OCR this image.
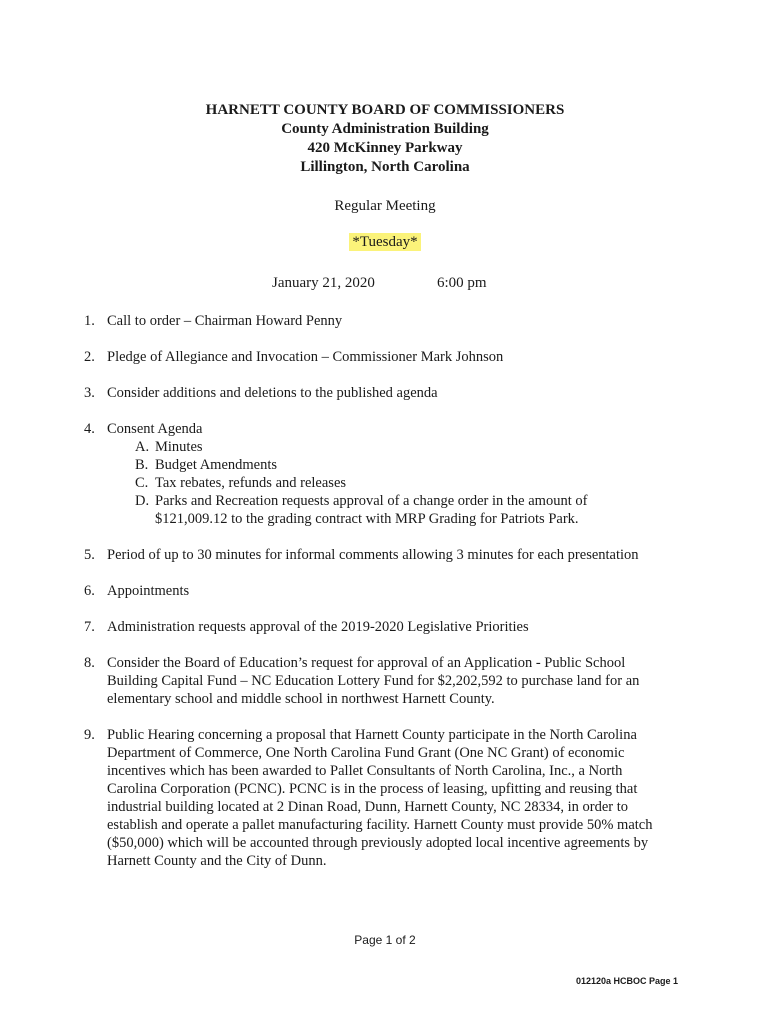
HARNETT COUNTY BOARD OF COMMISSIONERS
County Administration Building
420 McKinney Parkway
Lillington, North Carolina
Regular Meeting
*Tuesday*
January 21, 2020	6:00 pm
1. Call to order – Chairman Howard Penny
2. Pledge of Allegiance and Invocation – Commissioner Mark Johnson
3. Consider additions and deletions to the published agenda
4. Consent Agenda
A. Minutes
B. Budget Amendments
C. Tax rebates, refunds and releases
D. Parks and Recreation requests approval of a change order in the amount of $121,009.12 to the grading contract with MRP Grading for Patriots Park.
5. Period of up to 30 minutes for informal comments allowing 3 minutes for each presentation
6. Appointments
7. Administration requests approval of the 2019-2020 Legislative Priorities
8. Consider the Board of Education’s request for approval of an Application - Public School Building Capital Fund – NC Education Lottery Fund for $2,202,592 to purchase land for an elementary school and middle school in northwest Harnett County.
9. Public Hearing concerning a proposal that Harnett County participate in the North Carolina Department of Commerce, One North Carolina Fund Grant (One NC Grant) of economic incentives which has been awarded to Pallet Consultants of North Carolina, Inc., a North Carolina Corporation (PCNC). PCNC is in the process of leasing, upfitting and reusing that industrial building located at 2 Dinan Road, Dunn, Harnett County, NC 28334, in order to establish and operate a pallet manufacturing facility. Harnett County must provide 50% match ($50,000) which will be accounted through previously adopted local incentive agreements by Harnett County and the City of Dunn.
Page 1 of 2
012120a HCBOC Page 1
